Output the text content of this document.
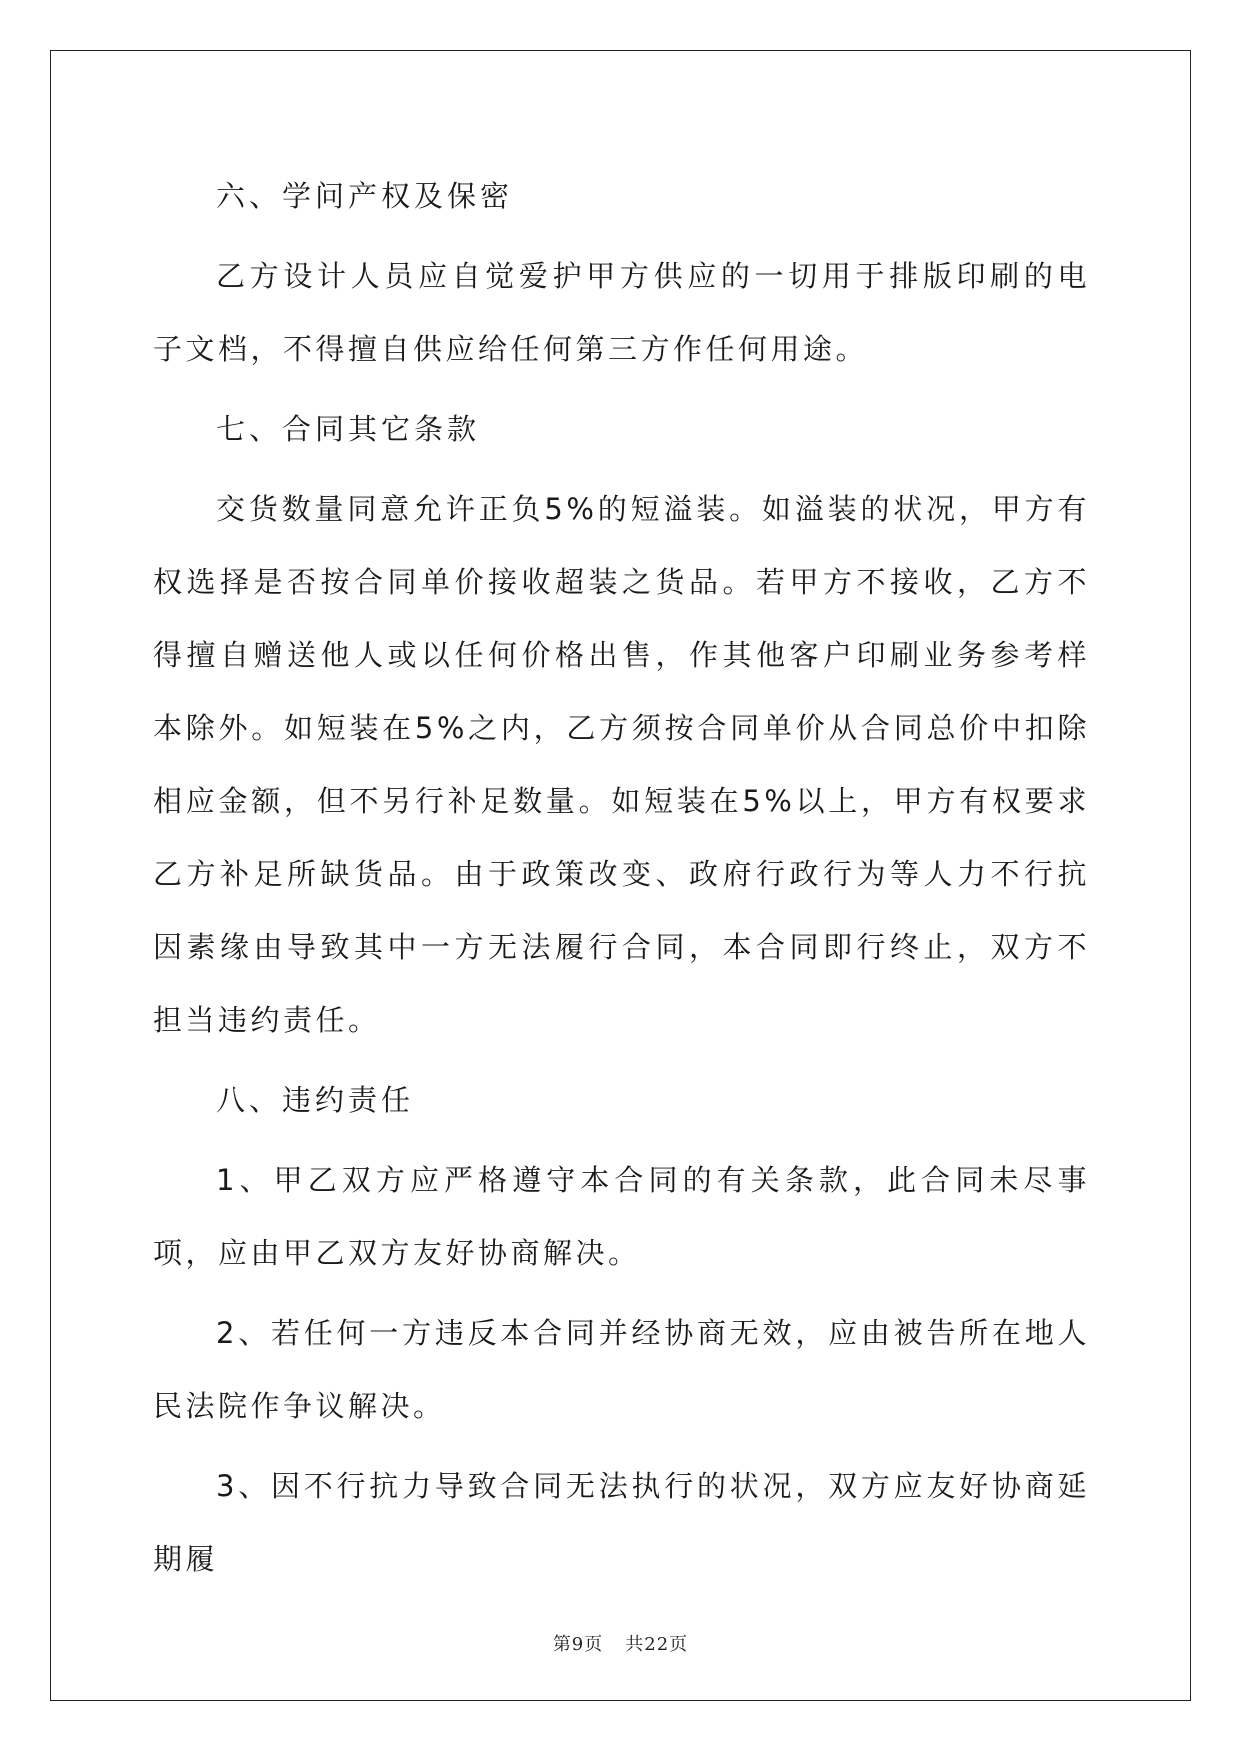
六、学问产权及保密

乙方设计人员应自觉爱护甲方供应的一切用于排版印刷的电子文档，不得擅自供应给任何第三方作任何用途。

七、合同其它条款

交货数量同意允许正负5%的短溢装。如溢装的状况，甲方有权选择是否按合同单价接收超装之货品。若甲方不接收，乙方不得擅自赠送他人或以任何价格出售，作其他客户印刷业务参考样本除外。如短装在5%之内，乙方须按合同单价从合同总价中扣除相应金额，但不另行补足数量。如短装在5%以上，甲方有权要求乙方补足所缺货品。由于政策改变、政府行政行为等人力不行抗因素缘由导致其中一方无法履行合同，本合同即行终止，双方不担当违约责任。

八、违约责任

1、甲乙双方应严格遵守本合同的有关条款，此合同未尽事项，应由甲乙双方友好协商解决。

2、若任何一方违反本合同并经协商无效，应由被告所在地人民法院作争议解决。

3、因不行抗力导致合同无法执行的状况，双方应友好协商延期履

第9页 共22页
